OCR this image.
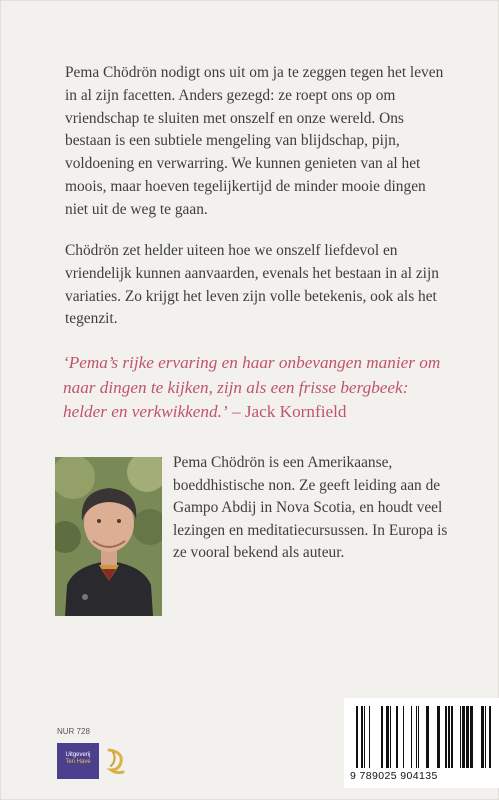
Pema Chödrön nodigt ons uit om ja te zeggen tegen het leven in al zijn facetten. Anders gezegd: ze roept ons op om vriendschap te sluiten met onszelf en onze wereld. Ons bestaan is een subtiele mengeling van blijdschap, pijn, voldoening en verwarring. We kunnen genieten van al het moois, maar hoeven tegelijkertijd de minder mooie dingen niet uit de weg te gaan.

Chödrön zet helder uiteen hoe we onszelf liefdevol en vriendelijk kunnen aanvaarden, evenals het bestaan in al zijn variaties. Zo krijgt het leven zijn volle betekenis, ook als het tegenzit.

‘Pema’s rijke ervaring en haar onbevangen manier om naar dingen te kijken, zijn als een frisse bergbeek: helder en verkwikkend.’ – Jack Kornfield

Pema Chödrön is een Amerikaanse, boeddhistische non. Ze geeft leiding aan de Gampo Abdij in Nova Scotia, en houdt veel lezingen en meditatiecursussen. In Europa is ze vooral bekend als auteur.

NUR 728
Uitgeverij
Ten Have
9 789025 904135
